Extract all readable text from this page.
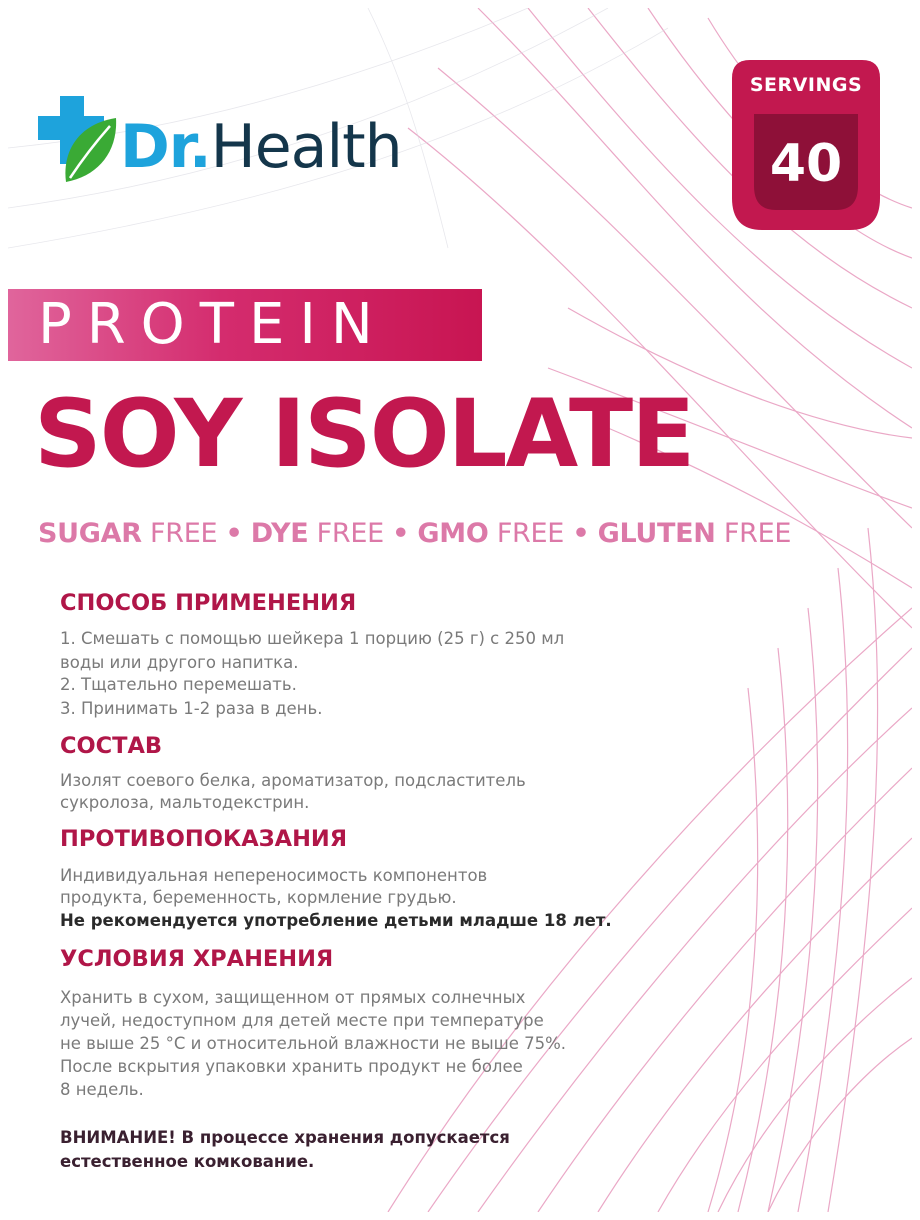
Dr.Health
SERVINGS
40
PROTEIN
SOY ISOLATE
SUGAR FREE • DYE FREE • GMO FREE • GLUTEN FREE
СПОСОБ ПРИМЕНЕНИЯ
1. Смешать с помощью шейкера 1 порцию (25 г) с 250 мл
воды или другого напитка.
2. Тщательно перемешать.
3. Принимать 1-2 раза в день.
СОСТАВ
Изолят соевого белка, ароматизатор, подсластитель
сукролоза, мальтодекстрин.
ПРОТИВОПОКАЗАНИЯ
Индивидуальная непереносимость компонентов
продукта, беременность, кормление грудью.
Не рекомендуется употребление детьми младше 18 лет.
УСЛОВИЯ ХРАНЕНИЯ
Хранить в сухом, защищенном от прямых солнечных
лучей, недоступном для детей месте при температуре
не выше 25 °С и относительной влажности не выше 75%.
После вскрытия упаковки хранить продукт не более
8 недель.
ВНИМАНИЕ! В процессе хранения допускается
естественное комкование.
